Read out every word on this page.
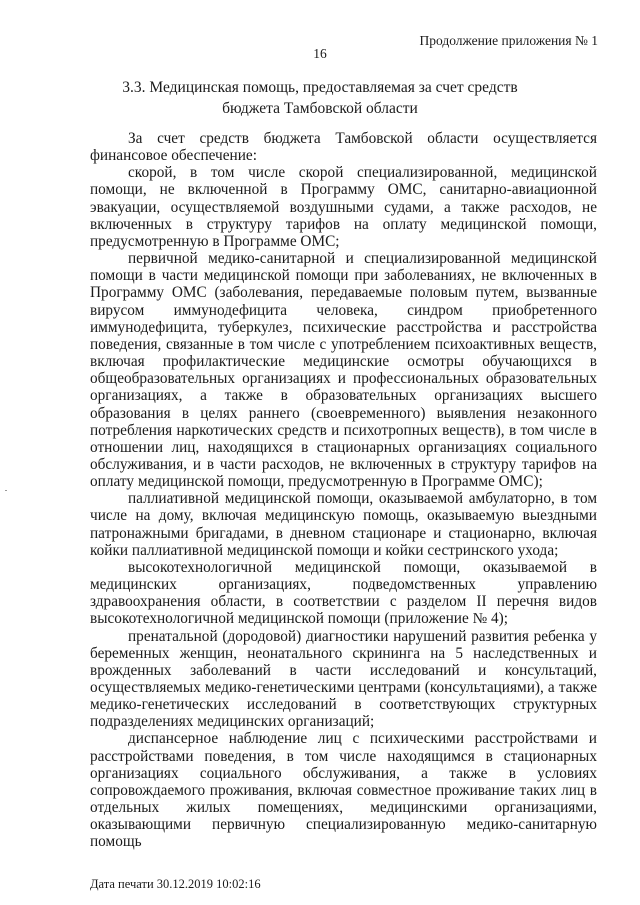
Продолжение приложения № 1
16
3.3. Медицинская помощь, предоставляемая за счет средств
бюджета Тамбовской области

За счет средств бюджета Тамбовской области осуществляется финансовое обеспечение:

скорой, в том числе скорой специализированной, медицинской помощи, не включенной в Программу ОМС, санитарно-авиационной эвакуации, осуществляемой воздушными судами, а также расходов, не включенных в структуру тарифов на оплату медицинской помощи, предусмотренную в Программе ОМС;

первичной медико-санитарной и специализированной медицинской помощи в части медицинской помощи при заболеваниях, не включенных в Программу ОМС (заболевания, передаваемые половым путем, вызванные вирусом иммунодефицита человека, синдром приобретенного иммунодефицита, туберкулез, психические расстройства и расстройства поведения, связанные в том числе с употреблением психоактивных веществ, включая профилактические медицинские осмотры обучающихся в общеобразовательных организациях и профессиональных образовательных организациях, а также в образовательных организациях высшего образования в целях раннего (своевременного) выявления незаконного потребления наркотических средств и психотропных веществ), в том числе в отношении лиц, находящихся в стационарных организациях социального обслуживания, и в части расходов, не включенных в структуру тарифов на оплату медицинской помощи, предусмотренную в Программе ОМС);

паллиативной медицинской помощи, оказываемой амбулаторно, в том числе на дому, включая медицинскую помощь, оказываемую выездными патронажными бригадами, в дневном стационаре и стационарно, включая койки паллиативной медицинской помощи и койки сестринского ухода;

высокотехнологичной медицинской помощи, оказываемой в медицинских организациях, подведомственных управлению здравоохранения области, в соответствии с разделом II перечня видов высокотехнологичной медицинской помощи (приложение № 4);

пренатальной (дородовой) диагностики нарушений развития ребенка у беременных женщин, неонатального скрининга на 5 наследственных и врожденных заболеваний в части исследований и консультаций, осуществляемых медико-генетическими центрами (консультациями), а также медико-генетических исследований в соответствующих структурных подразделениях медицинских организаций;

диспансерное наблюдение лиц с психическими расстройствами и расстройствами поведения, в том числе находящимся в стационарных организациях социального обслуживания, а также в условиях сопровождаемого проживания, включая совместное проживание таких лиц в отдельных жилых помещениях, медицинскими организациями, оказывающими первичную специализированную медико-санитарную помощь

Дата печати 30.12.2019 10:02:16
